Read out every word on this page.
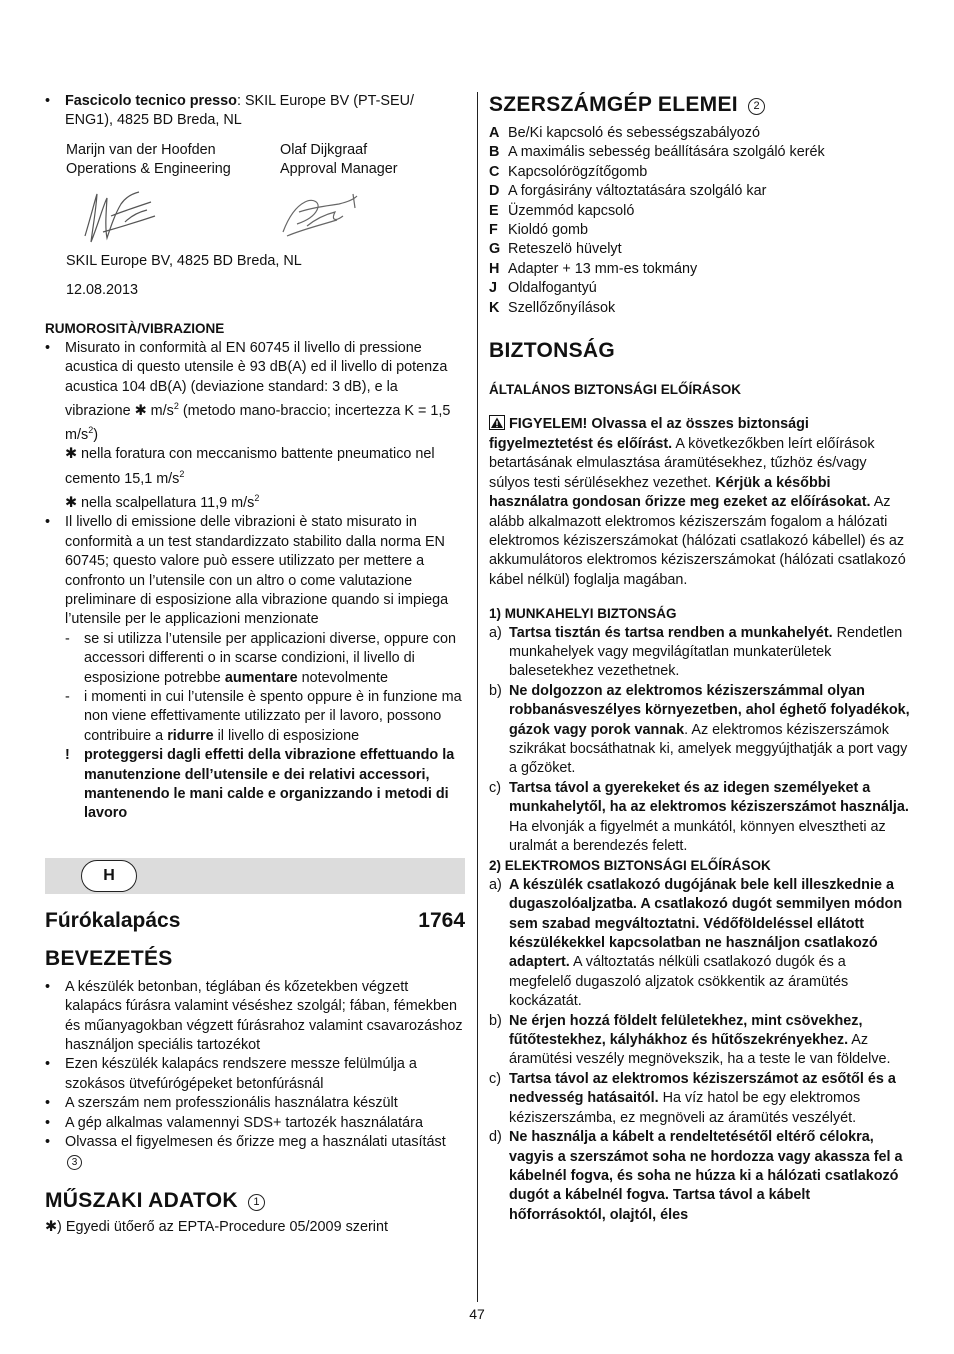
• Fascicolo tecnico presso: SKIL Europe BV (PT-SEU/ ENG1), 4825 BD Breda, NL

Marijn van der Hoofden
Operations & Engineering
Olaf Dijkgraaf
Approval Manager

SKIL Europe BV, 4825 BD Breda, NL

12.08.2013

RUMOROSITÀ/VIBRAZIONE

• Misurato in conformità al EN 60745 il livello di pressione acustica di questo utensile è 93 dB(A) ed il livello di potenza acustica 104 dB(A) (deviazione standard: 3 dB), e la vibrazione ✱ $m/s^2$ (metodo mano-braccio; incertezza K = 1,5 $m/s^2$)
✱ nella foratura con meccanismo battente pneumatico nel cemento 15,1 $m/s^2$
✱ nella scalpellatura 11,9 $m/s^2$

• Il livello di emissione delle vibrazioni è stato misurato in conformità a un test standardizzato stabilito dalla norma EN 60745; questo valore può essere utilizzato per mettere a confronto un l’utensile con un altro o come valutazione preliminare di esposizione alla vibrazione quando si impiega l’utensile per le applicazioni menzionate

- se si utilizza l’utensile per applicazioni diverse, oppure con accessori differenti o in scarse condizioni, il livello di esposizione potrebbe aumentare notevolmente

- i momenti in cui l’utensile è spento oppure è in funzione ma non viene effettivamente utilizzato per il lavoro, possono contribuire a ridurre il livello di esposizione

! proteggersi dagli effetti della vibrazione effettuando la manutenzione dell’utensile e dei relativi accessori, mantenendo le mani calde e organizzando i metodi di lavoro

H
Fúrókalapács	1764

BEVEZETÉS

• A készülék betonban, téglában és kőzetekben végzett kalapács fúrásra valamint véséshez szolgál; fában, fémekben és műanyagokban végzett fúrásrahoz valamint csavarozáshoz használjon speciális tartozékot

• Ezen készülék kalapács rendszere messze felülmúlja a szokásos ütvefúrógépeket betonfúrásnál

• A szerszám nem professzionális használatra készült

• A gép alkalmas valamennyi SDS+ tartozék használatára

• Olvassa el figyelmesen és őrizze meg a használati utasítást 3

MŰSZAKI ADATOK 1

✱) Egyedi ütőerő az EPTA-Procedure 05/2009 szerint

SZERSZÁMGÉP ELEMEI 2

A Be/Ki kapcsoló és sebességszabályozó
B A maximális sebesség beállítására szolgáló kerék
C Kapcsolórögzítőgomb
D A forgásirány változtatására szolgáló kar
E Üzemmód kapcsoló
F Kioldó gomb
G Reteszelö hüvelyt
H Adapter + 13 mm-es tokmány
J Oldalfogantyú
K Szellőzőnyílások

BIZTONSÁG

ÁLTALÁNOS BIZTONSÁGI ELŐÍRÁSOK

FIGYELEM! Olvassa el az összes biztonsági figyelmeztetést és előírást. A következőkben leírt előírások betartásának elmulasztása áramütésekhez, tűzhöz és/vagy súlyos testi sérülésekhez vezethet. Kérjük a későbbi használatra gondosan őrizze meg ezeket az előírásokat. Az alább alkalmazott elektromos kéziszerszám fogalom a hálózati elektromos kéziszerszámokat (hálózati csatlakozó kábellel) és az akkumulátoros elektromos kéziszerszámokat (hálózati csatlakozó kábel nélkül) foglalja magában.

1) MUNKAHELYI BIZTONSÁG

a) Tartsa tisztán és tartsa rendben a munkahelyét. Rendetlen munkahelyek vagy megvilágítatlan munkaterületek balesetekhez vezethetnek.

b) Ne dolgozzon az elektromos kéziszerszámmal olyan robbanásveszélyes környezetben, ahol éghető folyadékok, gázok vagy porok vannak. Az elektromos kéziszerszámok szikrákat bocsáthatnak ki, amelyek meggyújthatják a port vagy a gőzöket.

c) Tartsa távol a gyerekeket és az idegen személyeket a munkahelytől, ha az elektromos kéziszerszámot használja. Ha elvonják a figyelmét a munkától, könnyen elvesztheti az uralmát a berendezés felett.

2) ELEKTROMOS BIZTONSÁGI ELŐÍRÁSOK

a) A készülék csatlakozó dugójának bele kell illeszkednie a dugaszolóaljzatba. A csatlakozó dugót semmilyen módon sem szabad megváltoztatni. Védőföldeléssel ellátott készülékekkel kapcsolatban ne használjon csatlakozó adaptert. A változtatás nélküli csatlakozó dugók és a megfelelő dugaszoló aljzatok csökkentik az áramütés kockázatát.

b) Ne érjen hozzá földelt felületekhez, mint csövekhez, fűtőtestekhez, kályhákhoz és hűtőszekrényekhez. Az áramütési veszély megnövekszik, ha a teste le van földelve.

c) Tartsa távol az elektromos kéziszerszámot az esőtől és a nedvesség hatásaitól. Ha víz hatol be egy elektromos kéziszerszámba, ez megnöveli az áramütés veszélyét.

d) Ne használja a kábelt a rendeltetésétől eltérő célokra, vagyis a szerszámot soha ne hordozza vagy akassza fel a kábelnél fogva, és soha ne húzza ki a hálózati csatlakozó dugót a kábelnél fogva. Tartsa távol a kábelt hőforrásoktól, olajtól, éles

47
